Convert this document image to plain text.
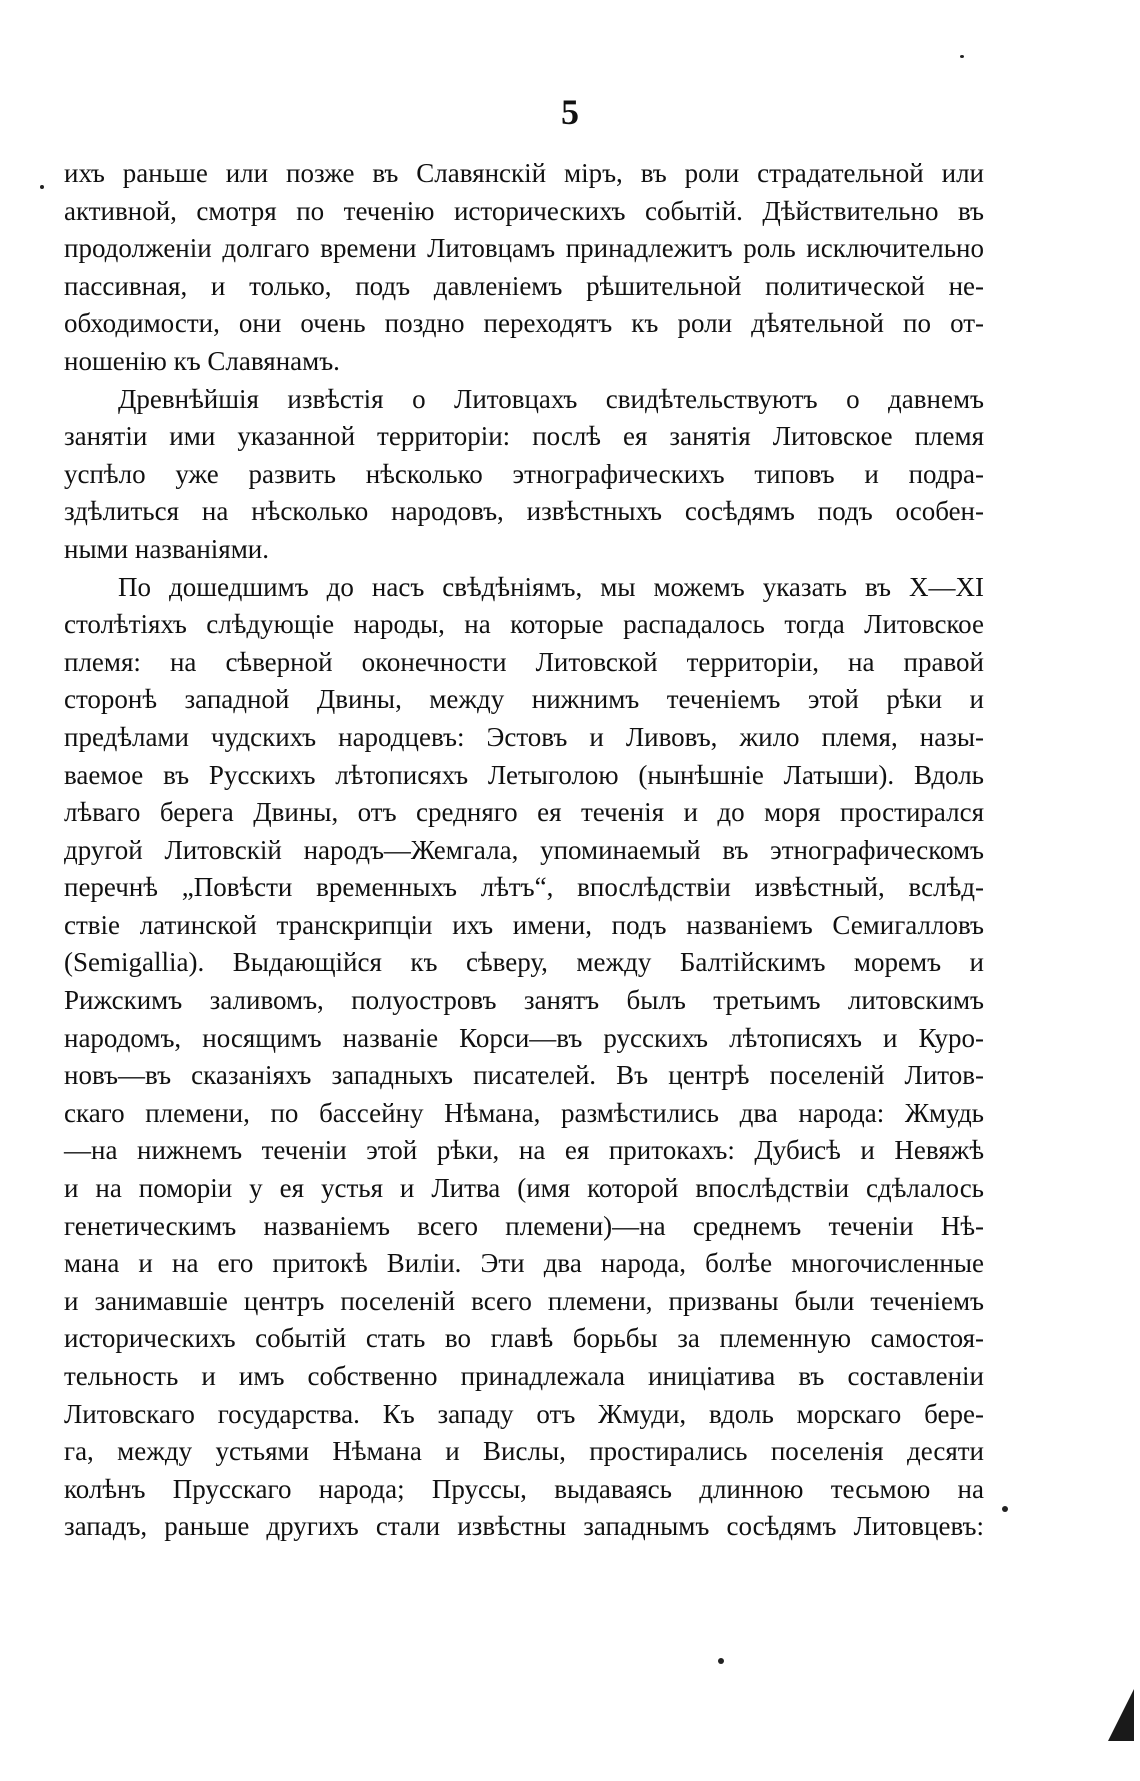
5
ихъ раньше или позже въ Славянскій міръ, въ роли страдательной или
активной, смотря по теченію историческихъ событій. Дѣйствительно въ
продолженіи долгаго времени Литовцамъ принадлежитъ роль исключительно
пассивная, и только, подъ давленіемъ рѣшительной политической не-
обходимости, они очень поздно переходятъ къ роли дѣятельной по от-
ношенію къ Славянамъ.
Древнѣйшія извѣстія о Литовцахъ свидѣтельствуютъ о давнемъ
занятіи ими указанной территоріи: послѣ ея занятія Литовское племя
успѣло уже развить нѣсколько этнографическихъ типовъ и подра-
здѣлиться на нѣсколько народовъ, извѣстныхъ сосѣдямъ подъ особен-
ными названіями.
По дошедшимъ до насъ свѣдѣніямъ, мы можемъ указать въ X—XI
столѣтіяхъ слѣдующіе народы, на которые распадалось тогда Литовское
племя: на сѣверной оконечности Литовской территоріи, на правой
сторонѣ западной Двины, между нижнимъ теченіемъ этой рѣки и
предѣлами чудскихъ народцевъ: Эстовъ и Ливовъ, жило племя, назы-
ваемое въ Русскихъ лѣтописяхъ Летыголою (нынѣшніе Латыши). Вдоль
лѣваго берега Двины, отъ средняго ея теченія и до моря простирался
другой Литовскій народъ—Жемгала, упоминаемый въ этнографическомъ
перечнѣ „Повѣсти временныхъ лѣтъ“, впослѣдствіи извѣстный, вслѣд-
ствіе латинской транскрипціи ихъ имени, подъ названіемъ Семигалловъ
(Semigallia). Выдающійся къ сѣверу, между Балтійскимъ моремъ и
Рижскимъ заливомъ, полуостровъ занятъ былъ третьимъ литовскимъ
народомъ, носящимъ названіе Корси—въ русскихъ лѣтописяхъ и Куро-
новъ—въ сказаніяхъ западныхъ писателей. Въ центрѣ поселеній Литов-
скаго племени, по бассейну Нѣмана, размѣстились два народа: Жмудь
—на нижнемъ теченіи этой рѣки, на ея притокахъ: Дубисѣ и Невяжѣ
и на поморіи у ея устья и Литва (имя которой впослѣдствіи сдѣлалось
генетическимъ названіемъ всего племени)—на среднемъ теченіи Нѣ-
мана и на его притокѣ Виліи. Эти два народа, болѣе многочисленные
и занимавшіе центръ поселеній всего племени, призваны были теченіемъ
историческихъ событій стать во главѣ борьбы за племенную самостоя-
тельность и имъ собственно принадлежала иниціатива въ составленіи
Литовскаго государства. Къ западу отъ Жмуди, вдоль морскаго бере-
га, между устьями Нѣмана и Вислы, простирались поселенія десяти
колѣнъ Прусскаго народа; Пруссы, выдаваясь длинною тесьмою на
западъ, раньше другихъ стали извѣстны западнымъ сосѣдямъ Литовцевъ:
